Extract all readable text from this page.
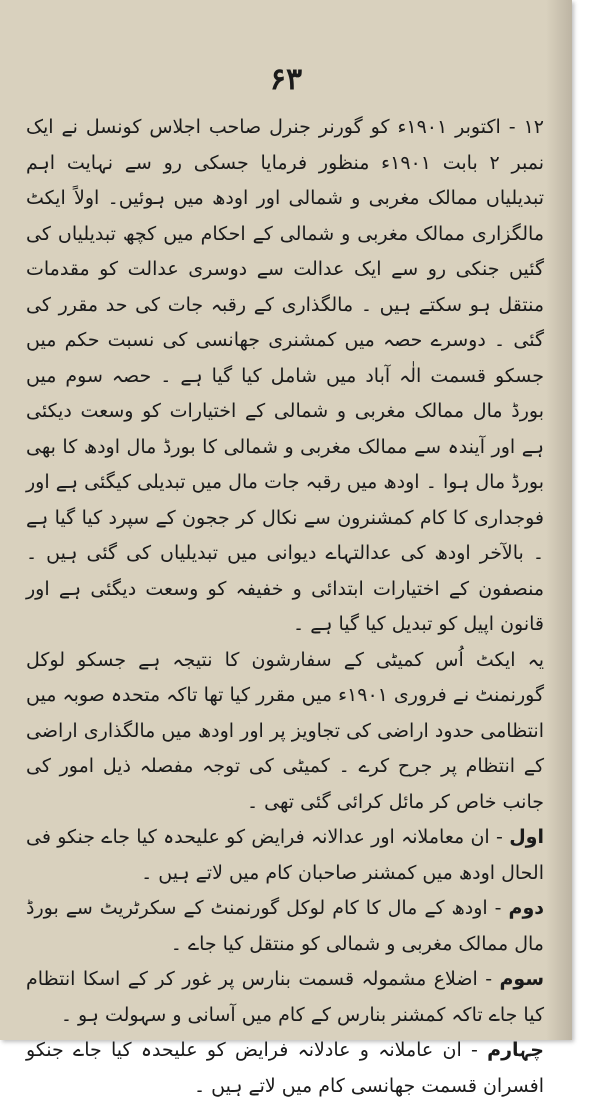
۶۳

۱۲ - اکتوبر ۱۹۰۱ء کو گورنر جنرل صاحب اجلاس کونسل نے ایک نمبر ۲ بابت ۱۹۰۱ء منظور فرمایا جسکی رو سے نہایت اہم تبدیلیاں ممالک مغربی و شمالی اور اودھ میں ہوئیں۔ اولاً ایکٹ مالگزاری ممالک مغربی و شمالی کے احکام میں کچھ تبدیلیاں کی گئیں جنکی رو سے ایک عدالت سے دوسری عدالت کو مقدمات منتقل ہو سکتے ہیں ۔ مالگذاری کے رقبہ جات کی حد مقرر کی گئی ۔ دوسرے حصہ میں کمشنری جھانسی کی نسبت حکم میں جسکو قسمت الٰہ آباد میں شامل کیا گیا ہے ۔ حصہ سوم میں بورڈ مال ممالک مغربی و شمالی کے اختیارات کو وسعت دیکئی ہے اور آیندہ سے ممالک مغربی و شمالی کا بورڈ مال اودھ کا بھی بورڈ مال ہوا ۔ اودھ میں رقبہ جات مال میں تبدیلی کیگئی ہے اور فوجداری کا کام کمشنرون سے نکال کر ججون کے سپرد کیا گیا ہے ۔ بالآخر اودھ کی عدالتہاے دیوانی میں تبدیلیاں کی گئی ہیں ۔ منصفون کے اختیارات ابتدائی و خفیفہ کو وسعت دیگئی ہے اور قانون اپیل کو تبدیل کیا گیا ہے ۔

یہ ایکٹ اُس کمیٹی کے سفارشون کا نتیجہ ہے جسکو لوکل گورنمنٹ نے فروری ۱۹۰۱ء میں مقرر کیا تھا تاکہ متحدہ صوبہ میں انتظامی حدود اراضی کی تجاویز پر اور اودھ میں مالگذاری اراضی کے انتظام پر جرح کرے ۔ کمیٹی کی توجہ مفصلہ ذیل امور کی جانب خاص کر مائل کرائی گئی تھی ۔

اول - ان معاملانہ اور عدالانہ فرایض کو علیحدہ کیا جاے جنکو فی الحال اودھ میں کمشنر صاحبان کام میں لاتے ہیں ۔

دوم - اودھ کے مال کا کام لوکل گورنمنٹ کے سکرٹریٹ سے بورڈ مال ممالک مغربی و شمالی کو منتقل کیا جاے ۔

سوم - اضلاع مشمولہ قسمت بنارس پر غور کر کے اسکا انتظام کیا جاے تاکہ کمشنر بنارس کے کام میں آسانی و سہولت ہو ۔

چہارم - ان عاملانہ و عادلانہ فرایض کو علیحدہ کیا جاے جنکو افسران قسمت جھانسی کام میں لاتے ہیں ۔
